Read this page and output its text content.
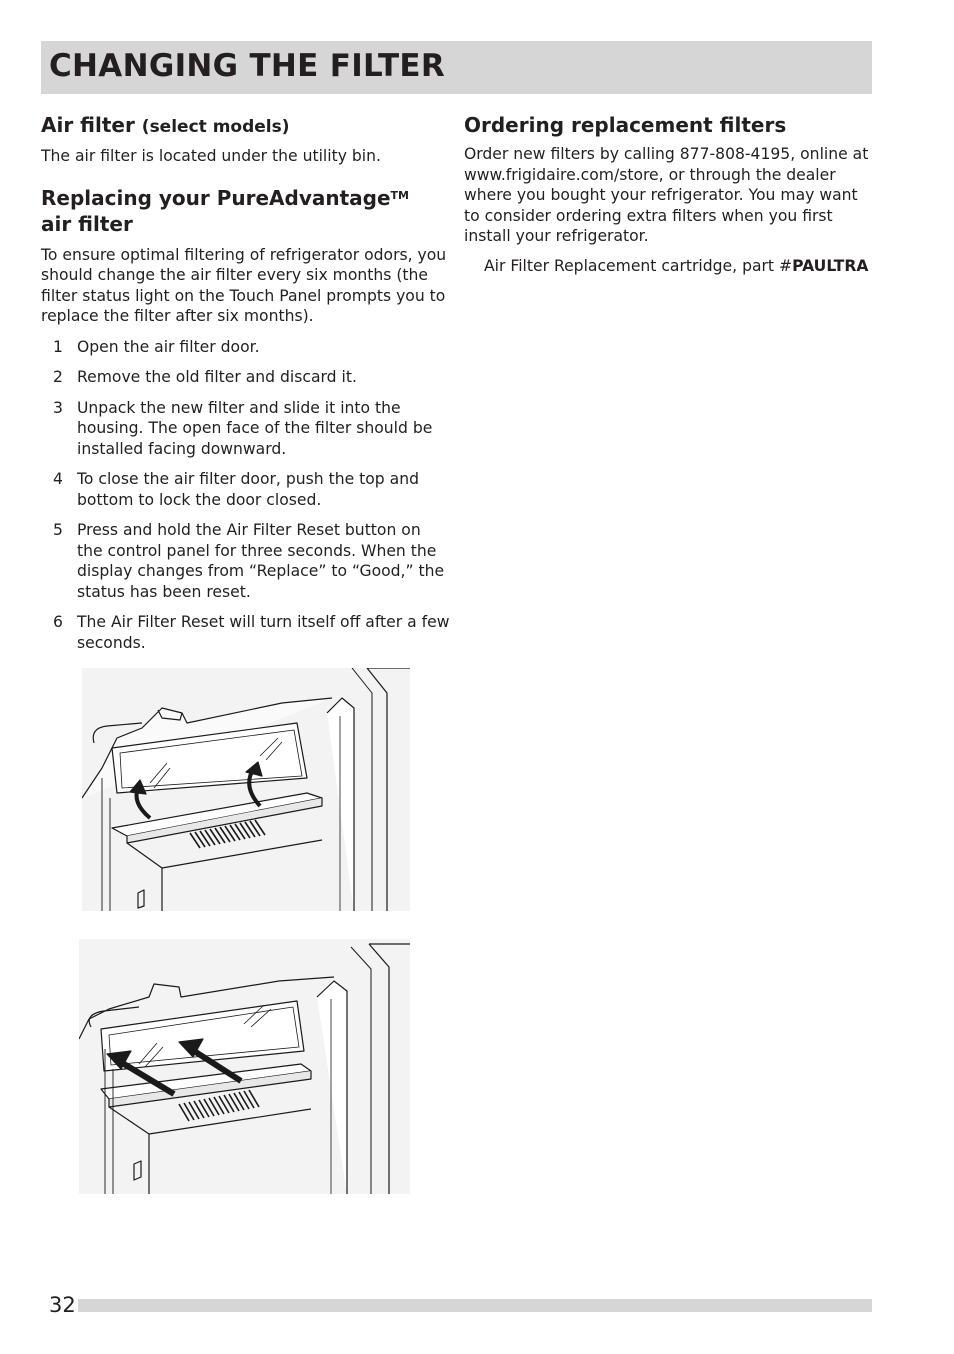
CHANGING THE FILTER
Air filter (select models)

The air filter is located under the utility bin.

Replacing your PureAdvantage™
air filter

To ensure optimal filtering of refrigerator odors, you should change the air filter every six months (the filter status light on the Touch Panel prompts you to replace the filter after six months).

1 Open the air filter door.
2 Remove the old filter and discard it.
3 Unpack the new filter and slide it into the housing. The open face of the filter should be installed facing downward.
4 To close the air filter door, push the top and bottom to lock the door closed.
5 Press and hold the Air Filter Reset button on the control panel for three seconds. When the display changes from “Replace” to “Good,” the status has been reset.
6 The Air Filter Reset will turn itself off after a few seconds.
Ordering replacement filters

Order new filters by calling 877-808-4195, online at www.frigidaire.com/store, or through the dealer where you bought your refrigerator. You may want to consider ordering extra filters when you first install your refrigerator.

Air Filter Replacement cartridge, part #PAULTRA

32
